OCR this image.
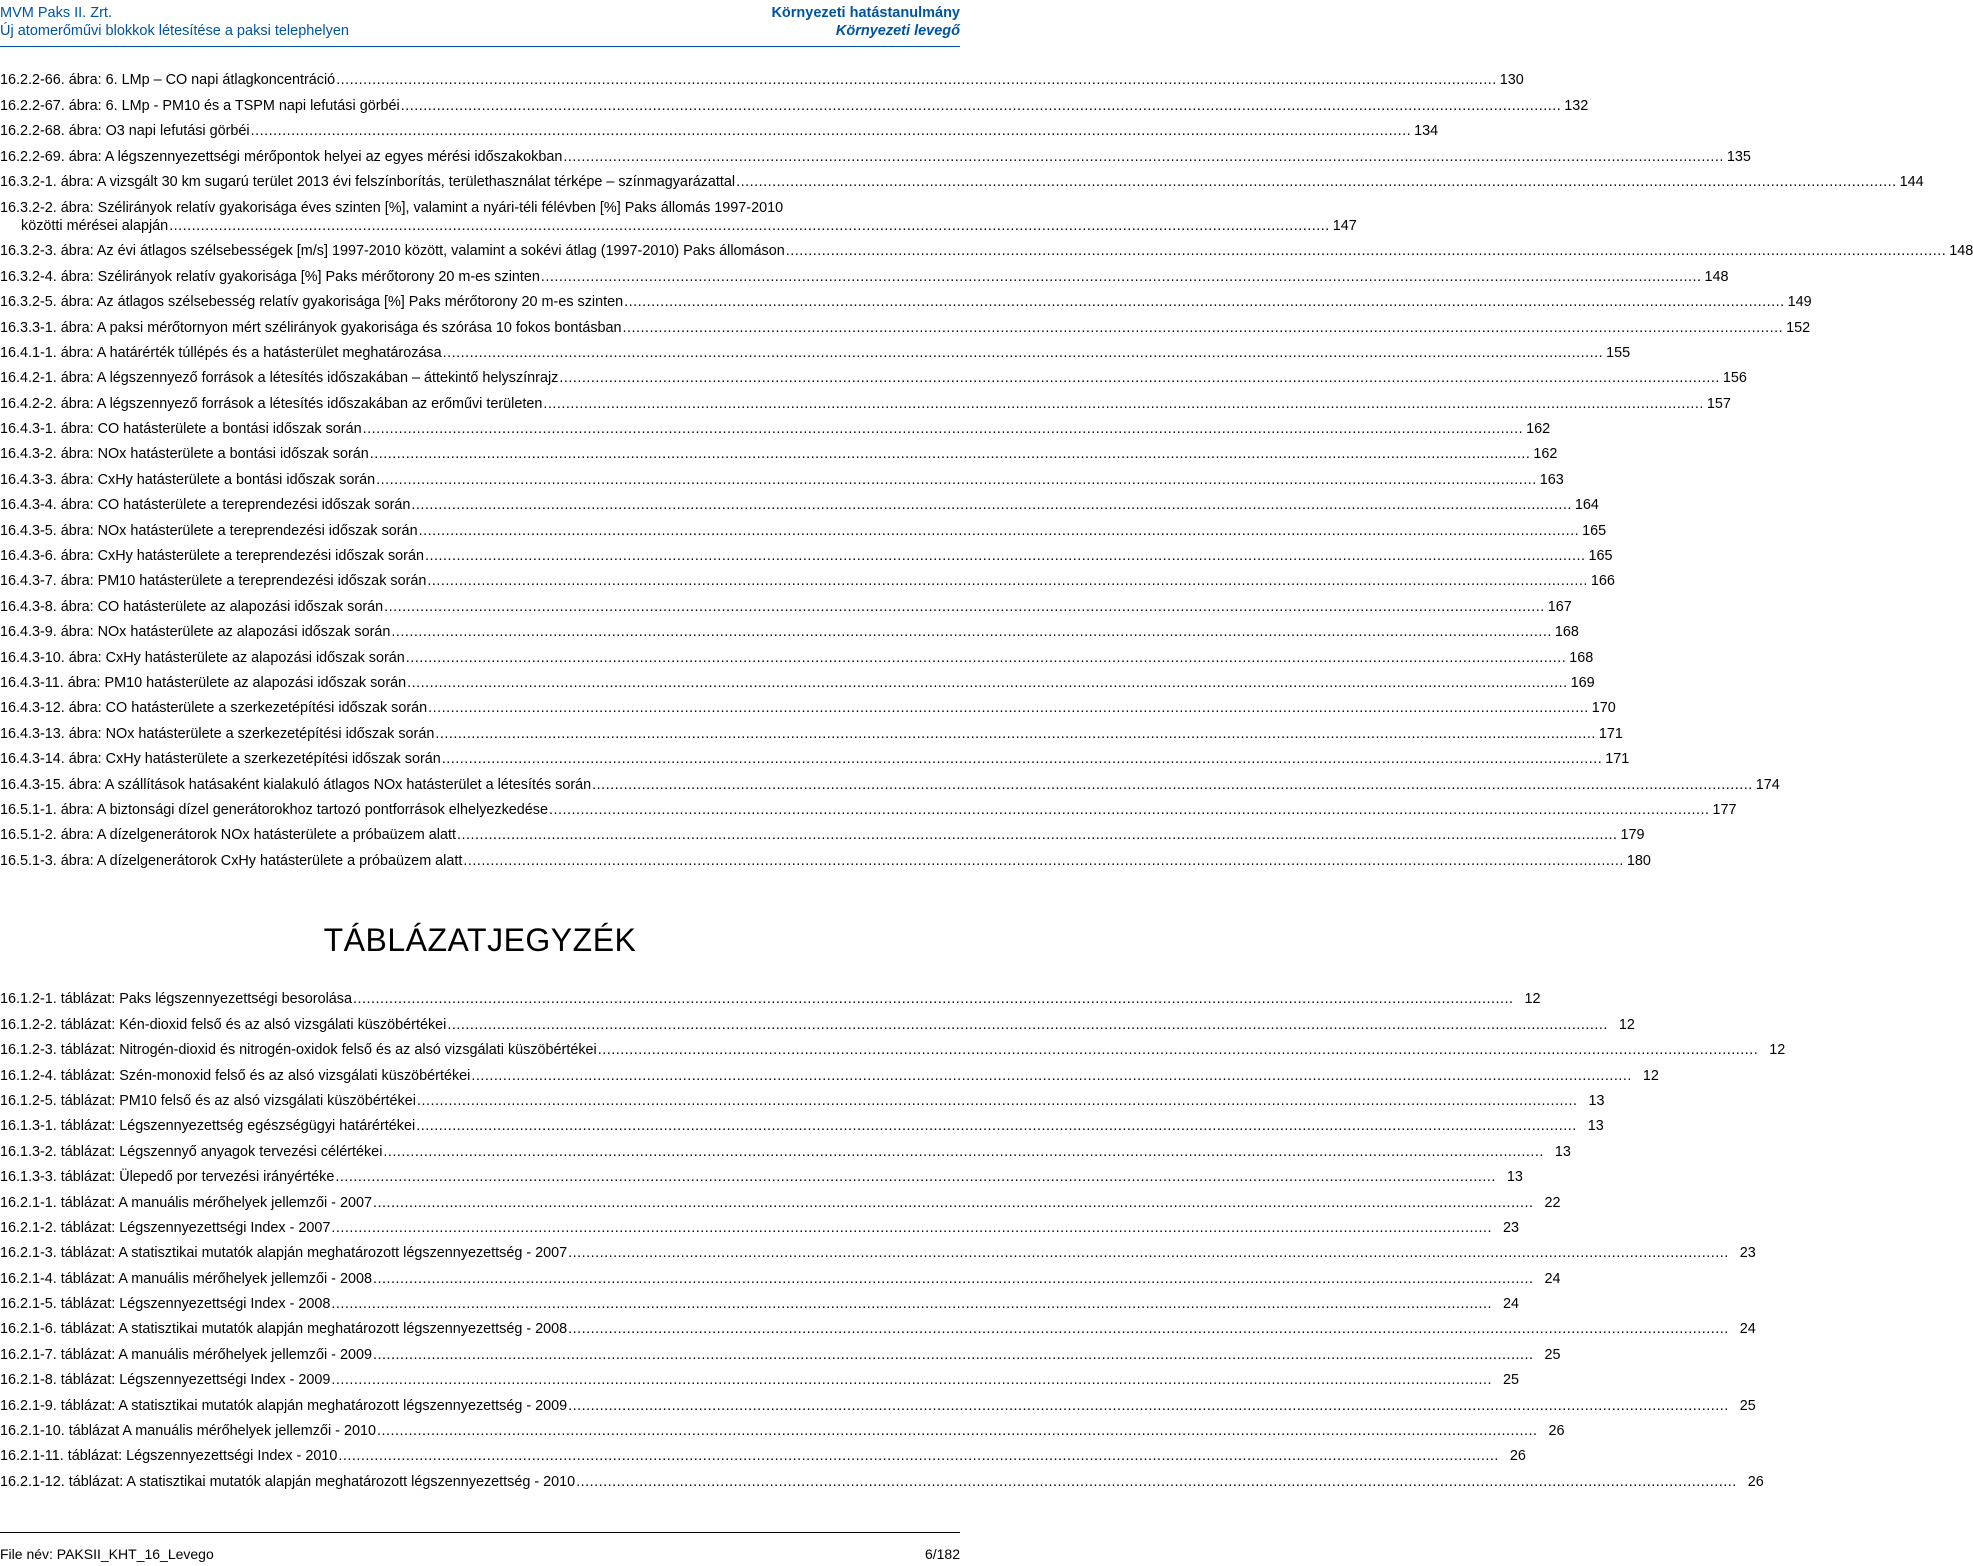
MVM Paks II. Zrt.	Környezeti hatástanulmány
Új atomerőművi blokkok létesítése a paksi telephelyen	Környezeti levegő
16.2.2-66. ábra: 6. LMp – CO napi átlagkoncentráció .....	130
16.2.2-67. ábra: 6. LMp - PM10 és a TSPM napi lefutási görbéi .....	132
16.2.2-68. ábra: O3 napi lefutási görbéi .....	134
16.2.2-69. ábra: A légszennyezettségi mérőpontok helyei az egyes mérési időszakokban .....	135
16.3.2-1. ábra: A vizsgált 30 km sugarú terület 2013 évi felszínborítás, területhasználat térképe – színmagyarázattal .....	144
16.3.2-2. ábra: Szélirányok relatív gyakorisága éves szinten [%], valamint a nyári-téli félévben [%] Paks állomás 1997-2010
közötti mérései alapján .....	147
16.3.2-3. ábra: Az évi átlagos szélsebességek [m/s] 1997-2010 között, valamint a sokévi átlag (1997-2010) Paks állomáson .....	148
16.3.2-4. ábra: Szélirányok relatív gyakorisága [%] Paks mérőtorony 20 m-es szinten .....	148
16.3.2-5. ábra: Az átlagos szélsebesség relatív gyakorisága [%] Paks mérőtorony 20 m-es szinten .....	149
16.3.3-1. ábra: A paksi mérőtornyon mért szélirányok gyakorisága és szórása 10 fokos bontásban .....	152
16.4.1-1. ábra: A határérték túllépés és a hatásterület meghatározása .....	155
16.4.2-1. ábra: A légszennyező források a létesítés időszakában – áttekintő helyszínrajz .....	156
16.4.2-2. ábra: A légszennyező források a létesítés időszakában az erőművi területen .....	157
16.4.3-1. ábra: CO hatásterülete a bontási időszak során .....	162
16.4.3-2. ábra: NOx hatásterülete a bontási időszak során .....	162
16.4.3-3. ábra: CxHy hatásterülete a bontási időszak során .....	163
16.4.3-4. ábra: CO hatásterülete a tereprendezési időszak során .....	164
16.4.3-5. ábra: NOx hatásterülete a tereprendezési időszak során .....	165
16.4.3-6. ábra: CxHy hatásterülete a tereprendezési időszak során .....	165
16.4.3-7. ábra: PM10 hatásterülete a tereprendezési időszak során .....	166
16.4.3-8. ábra: CO hatásterülete az alapozási időszak során .....	167
16.4.3-9. ábra: NOx hatásterülete az alapozási időszak során .....	168
16.4.3-10. ábra: CxHy hatásterülete az alapozási időszak során .....	168
16.4.3-11. ábra: PM10 hatásterülete az alapozási időszak során .....	169
16.4.3-12. ábra: CO hatásterülete a szerkezetépítési időszak során .....	170
16.4.3-13. ábra: NOx hatásterülete a szerkezetépítési időszak során .....	171
16.4.3-14. ábra: CxHy hatásterülete a szerkezetépítési időszak során .....	171
16.4.3-15. ábra: A szállítások hatásaként kialakuló átlagos NOx hatásterület a létesítés során .....	174
16.5.1-1. ábra: A biztonsági dízel generátorokhoz tartozó pontforrások elhelyezkedése .....	177
16.5.1-2. ábra: A dízelgenerátorok NOx hatásterülete a próbaüzem alatt .....	179
16.5.1-3. ábra: A dízelgenerátorok CxHy hatásterülete a próbaüzem alatt .....	180
TÁBLÁZATJEGYZÉK
16.1.2-1. táblázat: Paks légszennyezettségi besorolása .....	12
16.1.2-2. táblázat: Kén-dioxid felső és az alsó vizsgálati küszöbértékei .....	12
16.1.2-3. táblázat: Nitrogén-dioxid és nitrogén-oxidok felső és az alsó vizsgálati küszöbértékei .....	12
16.1.2-4. táblázat: Szén-monoxid felső és az alsó vizsgálati küszöbértékei .....	12
16.1.2-5. táblázat: PM10 felső és az alsó vizsgálati küszöbértékei .....	13
16.1.3-1. táblázat: Légszennyezettség egészségügyi határértékei .....	13
16.1.3-2. táblázat: Légszennyő anyagok tervezési célértékei .....	13
16.1.3-3. táblázat: Ülepedő por tervezési irányértéke .....	13
16.2.1-1. táblázat: A manuális mérőhelyek jellemzői - 2007 .....	22
16.2.1-2. táblázat: Légszennyezettségi Index - 2007 .....	23
16.2.1-3. táblázat: A statisztikai mutatók alapján meghatározott légszennyezettség - 2007 .....	23
16.2.1-4. táblázat: A manuális mérőhelyek jellemzői - 2008 .....	24
16.2.1-5. táblázat: Légszennyezettségi Index - 2008 .....	24
16.2.1-6. táblázat: A statisztikai mutatók alapján meghatározott légszennyezettség - 2008 .....	24
16.2.1-7. táblázat: A manuális mérőhelyek jellemzői - 2009 .....	25
16.2.1-8. táblázat: Légszennyezettségi Index - 2009 .....	25
16.2.1-9. táblázat: A statisztikai mutatók alapján meghatározott légszennyezettség - 2009 .....	25
16.2.1-10. táblázat A manuális mérőhelyek jellemzői - 2010 .....	26
16.2.1-11. táblázat: Légszennyezettségi Index - 2010 .....	26
16.2.1-12. táblázat: A statisztikai mutatók alapján meghatározott légszennyezettség - 2010 .....	26
File név: PAKSII_KHT_16_Levego	6/182
